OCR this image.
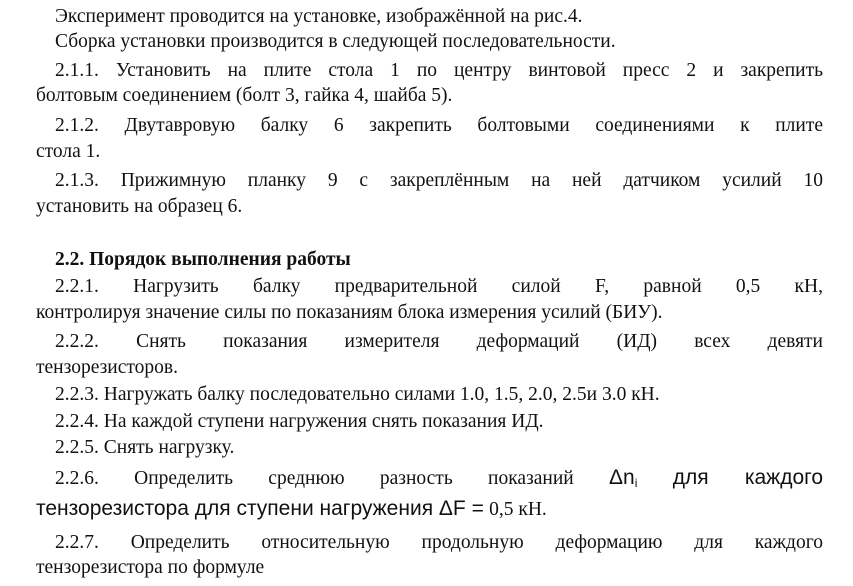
Эксперимент проводится на установке, изображённой на рис.4.
Сборка установки производится в следующей последовательности.
2.1.1. Установить на плите стола 1 по центру винтовой пресс 2 и закрепить
болтовым соединением (болт 3, гайка 4, шайба 5).
2.1.2. Двутавровую балку 6 закрепить болтовыми соединениями к плите
стола 1.
2.1.3. Прижимную планку 9 с закреплённым на ней датчиком усилий 10
установить на образец 6.
2.2. Порядок выполнения работы
2.2.1. Нагрузить балку предварительной силой F, равной 0,5 кН,
контролируя значение силы по показаниям блока измерения усилий (БИУ).
2.2.2. Снять показания измерителя деформаций (ИД) всех девяти
тензорезисторов.
2.2.3. Нагружать балку последовательно силами 1.0, 1.5, 2.0, 2.5и 3.0 кН.
2.2.4. На каждой ступени нагружения снять показания ИД.
2.2.5. Снять нагрузку.
2.2.6. Определить среднюю разность показаний $\Delta n_i$ для каждого
тензорезистора для ступени нагружения ΔF = 0,5 кН.
2.2.7. Определить относительную продольную деформацию для каждого
тензорезистора по формуле
